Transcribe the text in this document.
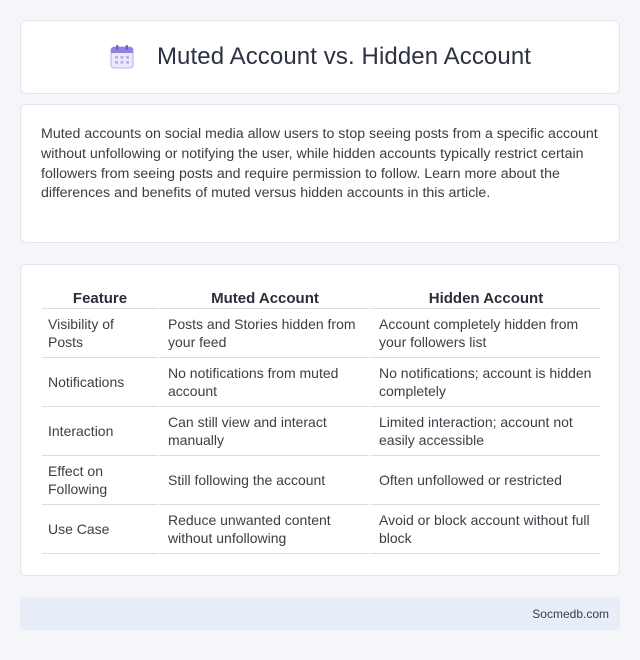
Muted Account vs. Hidden Account

Muted accounts on social media allow users to stop seeing posts from a specific account without unfollowing or notifying the user, while hidden accounts typically restrict certain followers from seeing posts and require permission to follow. Learn more about the differences and benefits of muted versus hidden accounts in this article.

Feature	Muted Account	Hidden Account
Visibility of Posts	Posts and Stories hidden from your feed	Account completely hidden from your followers list
Notifications	No notifications from muted account	No notifications; account is hidden completely
Interaction	Can still view and interact manually	Limited interaction; account not easily accessible
Effect on Following	Still following the account	Often unfollowed or restricted
Use Case	Reduce unwanted content without unfollowing	Avoid or block account without full block
Socmedb.com
